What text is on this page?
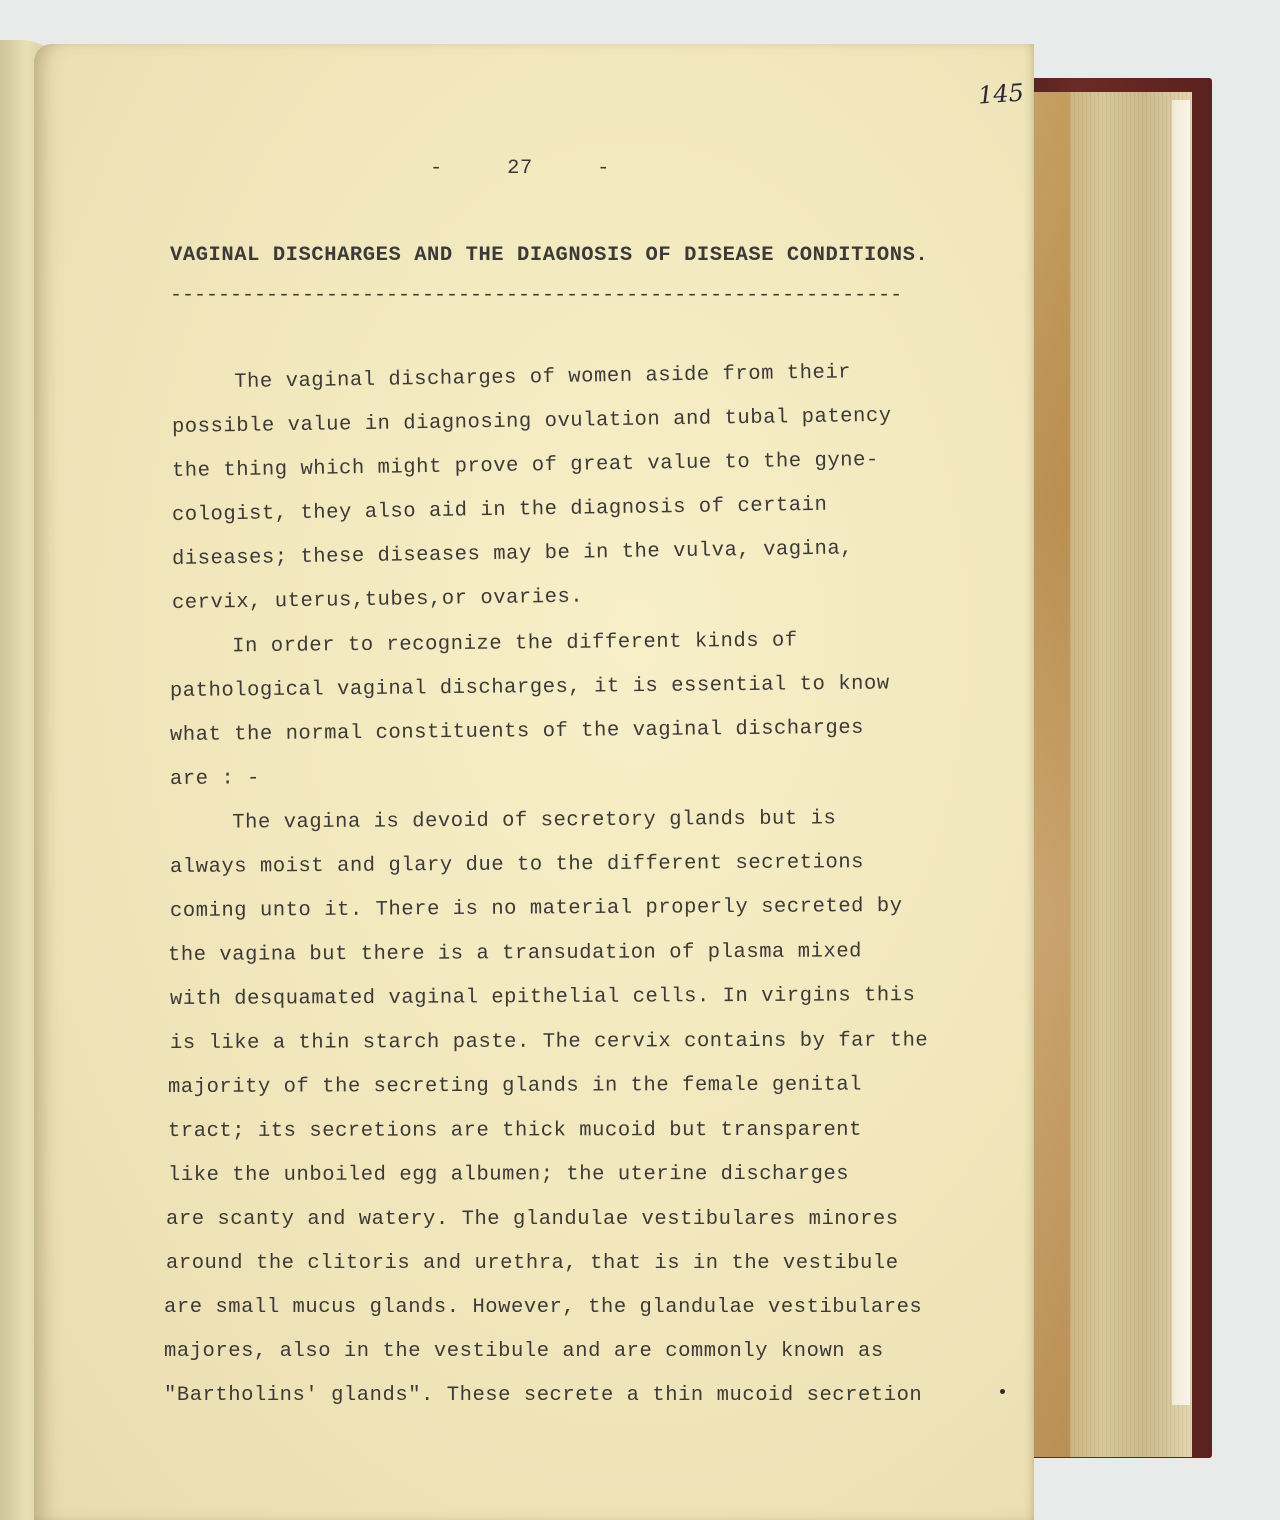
145
-     27     -
VAGINAL DISCHARGES AND THE DIAGNOSIS OF DISEASE CONDITIONS.
-------------------------------------------------------------
The vaginal discharges of women aside from their
possible value in diagnosing ovulation and tubal patency
the thing which might prove of great value to the gyne-
cologist, they also aid in the diagnosis of certain
diseases; these diseases may be in the vulva, vagina,
cervix, uterus,tubes,or ovaries.
In order to recognize the different kinds of
pathological vaginal discharges, it is essential to know
what the normal constituents of the vaginal discharges
are : -
The vagina is devoid of secretory glands but is
always moist and glary due to the different secretions
coming unto it. There is no material properly secreted by
the vagina but there is a transudation of plasma mixed
with desquamated vaginal epithelial cells. In virgins this
is like a thin starch paste. The cervix contains by far the
majority of the secreting glands in the female genital
tract; its secretions are thick mucoid but transparent
like the unboiled egg albumen; the uterine discharges
are scanty and watery. The glandulae vestibulares minores
around the clitoris and urethra, that is in the vestibule
are small mucus glands. However, the glandulae vestibulares
majores, also in the vestibule and are commonly known as
"Bartholins' glands". These secrete a thin mucoid secretion
